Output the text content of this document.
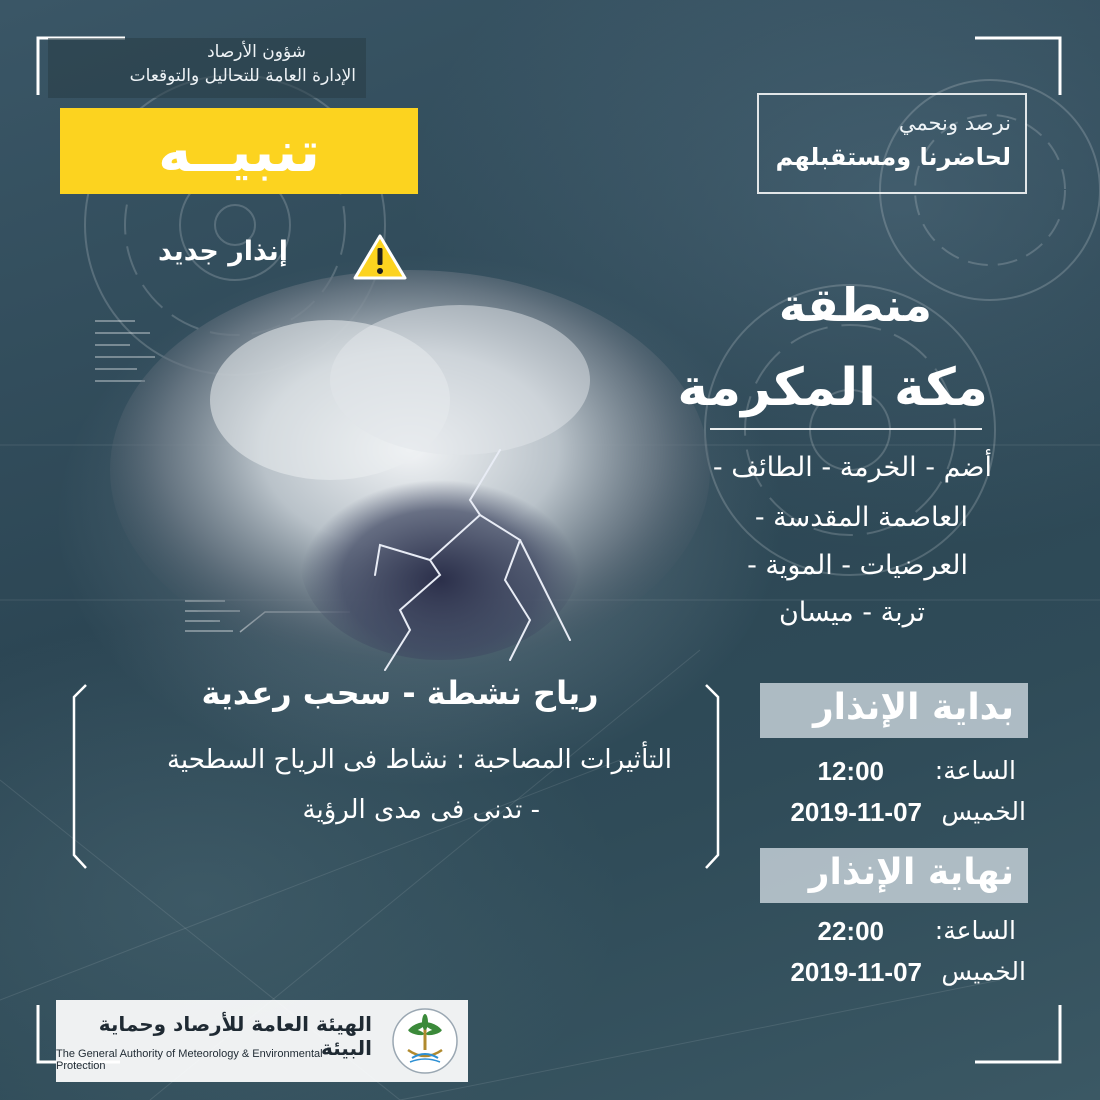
شؤون الأرصاد
الإدارة العامة للتحاليل والتوقعات
تنبيــه
إنذار جديد
نرصد ونحمي
لحاضرنا ومستقبلهم
منطقة
مكة المكرمة
أضم - الخرمة - الطائف -
العاصمة المقدسة -
العرضيات - الموية -
تربة - ميسان
رياح نشطة - سحب رعدية
التأثيرات المصاحبة : نشاط فى الرياح السطحية
- تدنى فى مدى الرؤية
بداية الإنذار
الساعة:
12:00
الخميس
2019-11-07
نهاية الإنذار
الساعة:
22:00
الخميس
2019-11-07
الهيئة العامة للأرصاد وحماية البيئة
The General Authority of Meteorology & Environmental Protection
